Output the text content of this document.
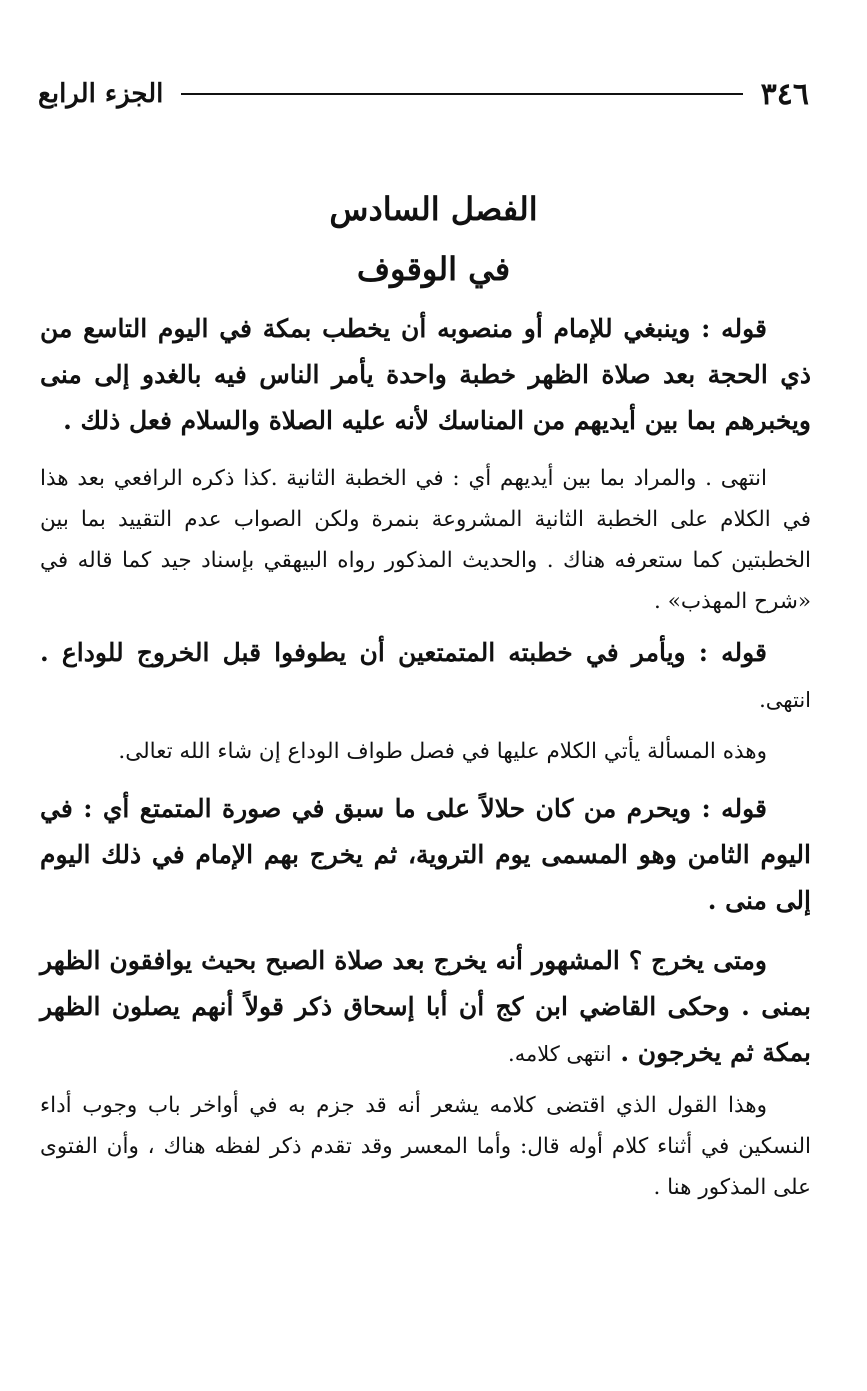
٣٤٦
الجزء الرابع
الفصل السادس
في الوقوف

قوله : وينبغي للإمام أو منصوبه أن يخطب بمكة في اليوم التاسع من ذي الحجة بعد صلاة الظهر خطبة واحدة يأمر الناس فيه بالغدو إلى منى ويخبرهم بما بين أيديهم من المناسك لأنه عليه الصلاة والسلام فعل ذلك .

انتهى . والمراد بما بين أيديهم أي : في الخطبة الثانية .كذا ذكره الرافعي بعد هذا في الكلام على الخطبة الثانية المشروعة بنمرة ولكن الصواب عدم التقييد بما بين الخطبتين كما ستعرفه هناك . والحديث المذكور رواه البيهقي بإسناد جيد كما قاله في «شرح المهذب» .

قوله : ويأمر في خطبته المتمتعين أن يطوفوا قبل الخروج للوداع . انتهى.

وهذه المسألة يأتي الكلام عليها في فصل طواف الوداع إن شاء الله تعالى.

قوله : ويحرم من كان حلالاً على ما سبق في صورة المتمتع أي : في اليوم الثامن وهو المسمى يوم التروية، ثم يخرج بهم الإمام في ذلك اليوم إلى منى .

ومتى يخرج ؟ المشهور أنه يخرج بعد صلاة الصبح بحيث يوافقون الظهر بمنى . وحكى القاضي ابن كج أن أبا إسحاق ذكر قولاً أنهم يصلون الظهر بمكة ثم يخرجون . انتهى كلامه.

وهذا القول الذي اقتضى كلامه يشعر أنه قد جزم به في أواخر باب وجوب أداء النسكين في أثناء كلام أوله قال: وأما المعسر وقد تقدم ذكر لفظه هناك ، وأن الفتوى على المذكور هنا .
